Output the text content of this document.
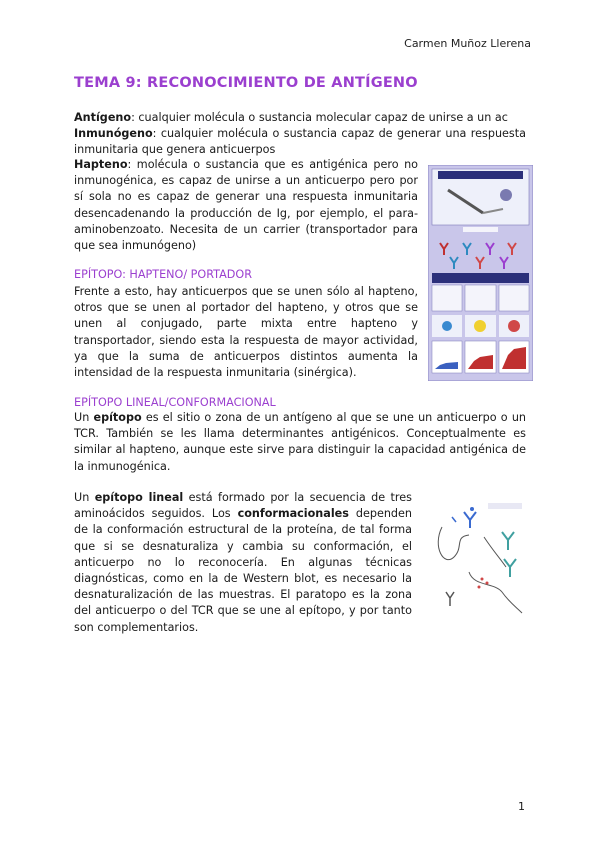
Carmen Muñoz Llerena
TEMA 9: RECONOCIMIENTO DE ANTÍGENO
Antígeno: cualquier molécula o sustancia molecular capaz de unirse a un ac
Inmunógeno: cualquier molécula o sustancia capaz de generar una respuesta inmunitaria que genera anticuerpos
Hapteno: molécula o sustancia que es antigénica pero no inmunogénica, es capaz de unirse a un anticuerpo pero por sí sola no es capaz de generar una respuesta inmunitaria desencadenando la producción de Ig, por ejemplo, el para-aminobenzoato. Necesita de un carrier (transportador para que sea inmunógeno)
EPÍTOPO: HAPTENO/ PORTADOR
Frente a esto, hay anticuerpos que se unen sólo al hapteno, otros que se unen al portador del hapteno, y otros que se unen al conjugado, parte mixta entre hapteno y transportador, siendo esta la respuesta de mayor actividad, ya que la suma de anticuerpos distintos aumenta la intensidad de la respuesta inmunitaria (sinérgica).
EPÍTOPO LINEAL/CONFORMACIONAL
Un epítopo es el sitio o zona de un antígeno al que se une un anticuerpo o un TCR. También se les llama determinantes antigénicos. Conceptualmente es similar al hapteno, aunque este sirve para distinguir la capacidad antigénica de la inmunogénica.
Un epítopo lineal está formado por la secuencia de tres aminoácidos seguidos. Los conformacionales dependen de la conformación estructural de la proteína, de tal forma que si se desnaturaliza y cambia su conformación, el anticuerpo no lo reconocería. En algunas técnicas diagnósticas, como en la de Western blot, es necesario la desnaturalización de las muestras. El paratopo es la zona del anticuerpo o del TCR que se une al epítopo, y por tanto son complementarios.
1
